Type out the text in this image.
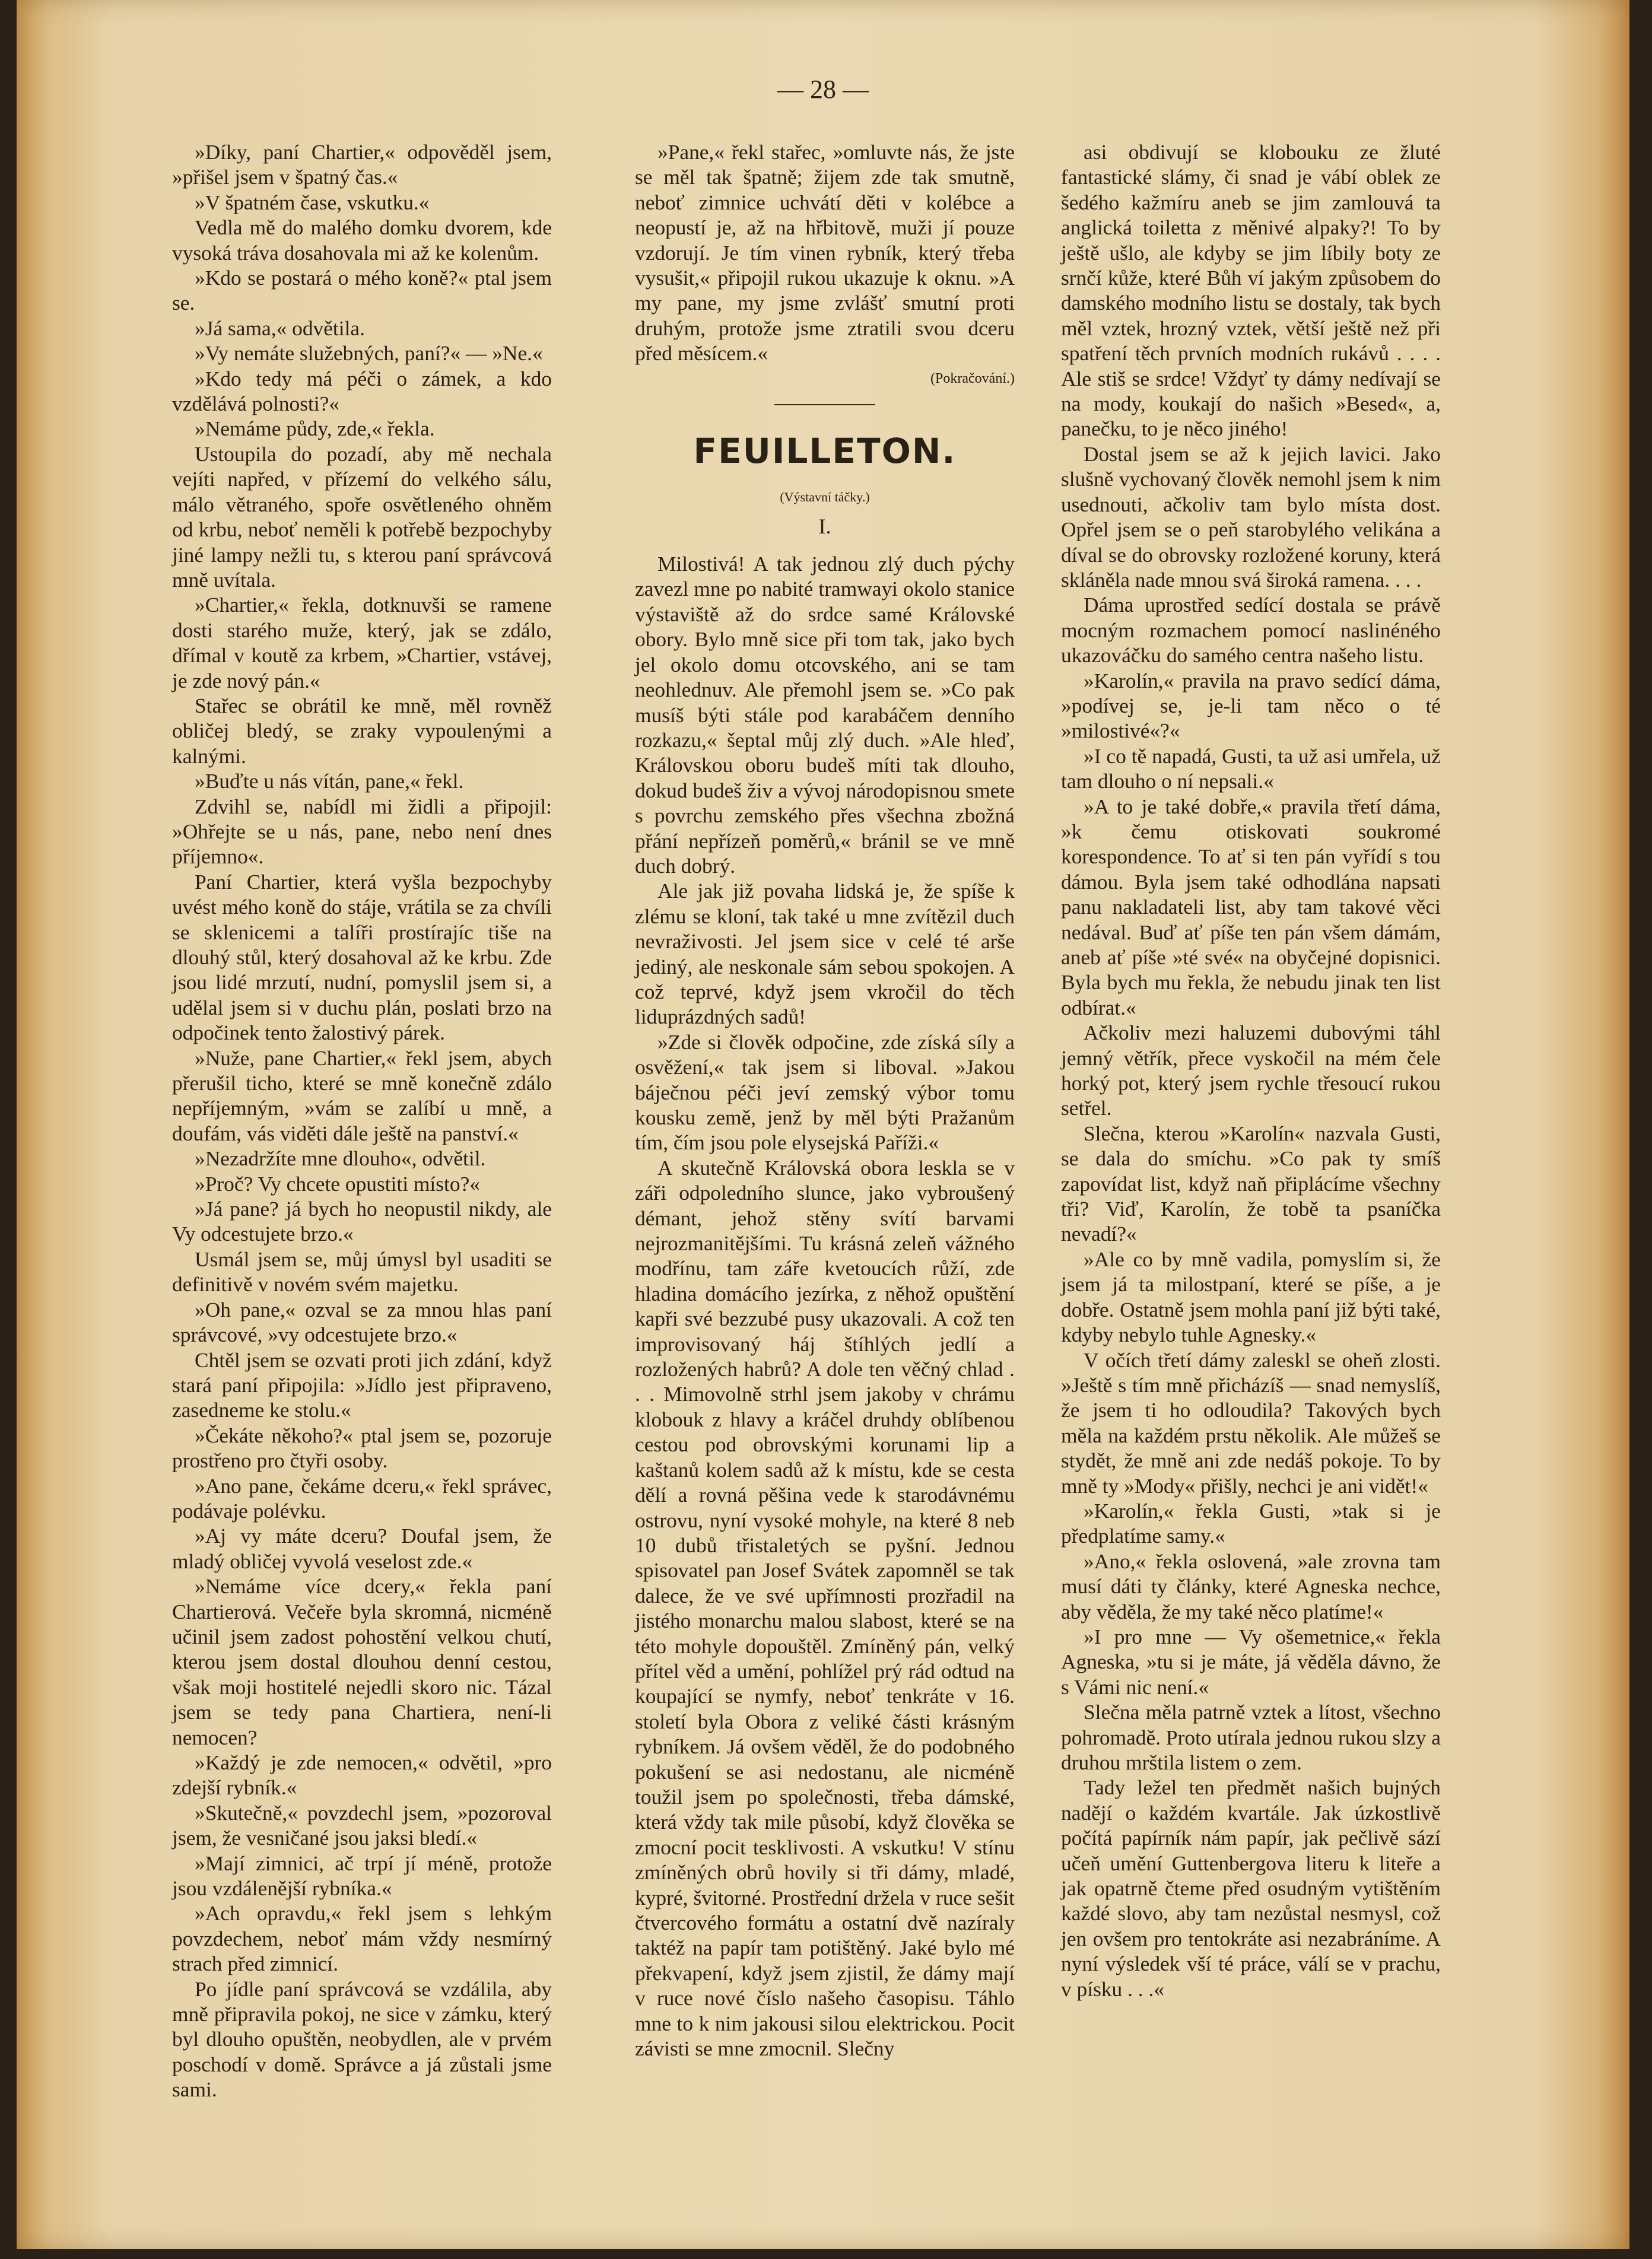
— 28 —

»Díky, paní Chartier,« odpověděl jsem, »přišel jsem v špatný čas.«

»V špatném čase, vskutku.«

Vedla mě do malého domku dvorem, kde vysoká tráva dosahovala mi až ke kolenům.

»Kdo se postará o mého koně?« ptal jsem se.

»Já sama,« odvětila.

»Vy nemáte služebných, paní?« — »Ne.«

»Kdo tedy má péči o zámek, a kdo vzdělává polnosti?«

»Nemáme půdy, zde,« řekla.

Ustoupila do pozadí, aby mě nechala vejíti napřed, v přízemí do velkého sálu, málo větraného, spoře osvětleného ohněm od krbu, neboť neměli k potřebě bezpochyby jiné lampy nežli tu, s kterou paní správcová mně uvítala.

»Chartier,« řekla, dotknuvši se ramene dosti starého muže, který, jak se zdálo, dřímal v koutě za krbem, »Chartier, vstávej, je zde nový pán.«

Stařec se obrátil ke mně, měl rovněž obličej bledý, se zraky vypoulenými a kalnými.

»Buďte u nás vítán, pane,« řekl.

Zdvihl se, nabídl mi židli a připojil: »Ohřejte se u nás, pane, nebo není dnes příjemno«.

Paní Chartier, která vyšla bezpochyby uvést mého koně do stáje, vrátila se za chvíli se sklenicemi a talíři prostírajíc tiše na dlouhý stůl, který dosahoval až ke krbu. Zde jsou lidé mrzutí, nudní, pomyslil jsem si, a udělal jsem si v duchu plán, poslati brzo na odpočinek tento žalostivý párek.

»Nuže, pane Chartier,« řekl jsem, abych přerušil ticho, které se mně konečně zdálo nepříjemným, »vám se zalíbí u mně, a doufám, vás viděti dále ještě na panství.«

»Nezadržíte mne dlouho«, odvětil.

»Proč? Vy chcete opustiti místo?«

»Já pane? já bych ho neopustil nikdy, ale Vy odcestujete brzo.«

Usmál jsem se, můj úmysl byl usaditi se definitivě v novém svém majetku.

»Oh pane,« ozval se za mnou hlas paní správcové, »vy odcestujete brzo.«

Chtěl jsem se ozvati proti jich zdání, když stará paní připojila: »Jídlo jest připraveno, zasedneme ke stolu.«

»Čekáte někoho?« ptal jsem se, pozoruje prostřeno pro čtyři osoby.

»Ano pane, čekáme dceru,« řekl správec, podávaje polévku.

»Aj vy máte dceru? Doufal jsem, že mladý obličej vyvolá veselost zde.«

»Nemáme více dcery,« řekla paní Chartierová. Večeře byla skromná, nicméně učinil jsem zadost pohostění velkou chutí, kterou jsem dostal dlouhou denní cestou, však moji hostitelé nejedli skoro nic. Tázal jsem se tedy pana Chartiera, není-li nemocen?

»Každý je zde nemocen,« odvětil, »pro zdejší rybník.«

»Skutečně,« povzdechl jsem, »pozoroval jsem, že vesničané jsou jaksi bledí.«

»Mají zimnici, ač trpí jí méně, protože jsou vzdálenější rybníka.«

»Ach opravdu,« řekl jsem s lehkým povzdechem, neboť mám vždy nesmírný strach před zimnicí.

Po jídle paní správcová se vzdálila, aby mně připravila pokoj, ne sice v zámku, který byl dlouho opuštěn, neobydlen, ale v prvém poschodí v domě. Správce a já zůstali jsme sami.

»Pane,« řekl stařec, »omluvte nás, že jste se měl tak špatně; žijem zde tak smutně, neboť zimnice uchvátí děti v kolébce a neopustí je, až na hřbitově, muži jí pouze vzdorují. Je tím vinen rybník, který třeba vysušit,« připojil rukou ukazuje k oknu. »A my pane, my jsme zvlášť smutní proti druhým, protože jsme ztratili svou dceru před měsícem.«

(Pokračování.)
FEUILLETON.
(Výstavní táčky.)
I.

Milostivá! A tak jednou zlý duch pýchy zavezl mne po nabité tramwayi okolo stanice výstaviště až do srdce samé Královské obory. Bylo mně sice při tom tak, jako bych jel okolo domu otcovského, ani se tam neohlednuv. Ale přemohl jsem se. »Co pak musíš býti stále pod karabáčem denního rozkazu,« šeptal můj zlý duch. »Ale hleď, Královskou oboru budeš míti tak dlouho, dokud budeš živ a vývoj národopisnou smete s povrchu zemského přes všechna zbožná přání nepřízeň poměrů,« bránil se ve mně duch dobrý.

Ale jak již povaha lidská je, že spíše k zlému se kloní, tak také u mne zvítězil duch nevraživosti. Jel jsem sice v celé té arše jediný, ale neskonale sám sebou spokojen. A což teprvé, když jsem vkročil do těch liduprázdných sadů!

»Zde si člověk odpočine, zde získá síly a osvěžení,« tak jsem si liboval. »Jakou báječnou péči jeví zemský výbor tomu kousku země, jenž by měl býti Pražanům tím, čím jsou pole elysejská Paříži.«

A skutečně Královská obora leskla se v záři odpoledního slunce, jako vybroušený démant, jehož stěny svítí barvami nejrozmanitějšími. Tu krásná zeleň vážného modřínu, tam záře kvetoucích růží, zde hladina domácího jezírka, z něhož opuštění kapři své bezzubé pusy ukazovali. A což ten improvisovaný háj štíhlých jedlí a rozložených habrů? A dole ten věčný chlad . . . Mimovolně strhl jsem jakoby v chrámu klobouk z hlavy a kráčel druhdy oblíbenou cestou pod obrovskými korunami lip a kaštanů kolem sadů až k místu, kde se cesta dělí a rovná pěšina vede k starodávnému ostrovu, nyní vysoké mohyle, na které 8 neb 10 dubů třistaletých se pyšní. Jednou spisovatel pan Josef Svátek zapomněl se tak dalece, že ve své upřímnosti prozřadil na jistého monarchu malou slabost, které se na této mohyle dopouštěl. Zmíněný pán, velký přítel věd a umění, pohlížel prý rád odtud na koupající se nymfy, neboť tenkráte v 16. století byla Obora z veliké části krásným rybníkem. Já ovšem věděl, že do podobného pokušení se asi nedostanu, ale nicméně toužil jsem po společnosti, třeba dámské, která vždy tak mile působí, když člověka se zmocní pocit tesklivosti. A vskutku! V stínu zmíněných obrů hovily si tři dámy, mladé, kypré, švitorné. Prostřední držela v ruce sešit čtvercového formátu a ostatní dvě nazíraly taktéž na papír tam potištěný. Jaké bylo mé překvapení, když jsem zjistil, že dámy mají v ruce nové číslo našeho časopisu. Táhlo mne to k nim jakousi silou elektrickou. Pocit závisti se mne zmocnil. Slečny

asi obdivují se klobouku ze žluté fantastické slámy, či snad je vábí oblek ze šedého kažmíru aneb se jim zamlouvá ta anglická toiletta z měnivé alpaky?! To by ještě ušlo, ale kdyby se jim líbily boty ze srnčí kůže, které Bůh ví jakým způsobem do damského modního listu se dostaly, tak bych měl vztek, hrozný vztek, větší ještě než při spatření těch prvních modních rukávů . . . . Ale stiš se srdce! Vždyť ty dámy nedívají se na mody, koukají do našich »Besed«, a, panečku, to je něco jiného!

Dostal jsem se až k jejich lavici. Jako slušně vychovaný člověk nemohl jsem k nim usednouti, ačkoliv tam bylo místa dost. Opřel jsem se o peň starobylého velikána a díval se do obrovsky rozložené koruny, která skláněla nade mnou svá široká ramena. . . .

Dáma uprostřed sedící dostala se právě mocným rozmachem pomocí naslinéného ukazováčku do samého centra našeho listu.

»Karolín,« pravila na pravo sedící dáma, »podívej se, je-li tam něco o té »milostivé«?«

»I co tě napadá, Gusti, ta už asi umřela, už tam dlouho o ní nepsali.«

»A to je také dobře,« pravila třetí dáma, »k čemu otiskovati soukromé korespondence. To ať si ten pán vyřídí s tou dámou. Byla jsem také odhodlána napsati panu nakladateli list, aby tam takové věci nedával. Buď ať píše ten pán všem dámám, aneb ať píše »té své« na obyčejné dopisnici. Byla bych mu řekla, že nebudu jinak ten list odbírat.«

Ačkoliv mezi haluzemi dubovými táhl jemný větřík, přece vyskočil na mém čele horký pot, který jsem rychle třesoucí rukou setřel.

Slečna, kterou »Karolín« nazvala Gusti, se dala do smíchu. »Co pak ty smíš zapovídat list, když naň připlácíme všechny tři? Viď, Karolín, že tobě ta psaníčka nevadí?«

»Ale co by mně vadila, pomyslím si, že jsem já ta milostpaní, které se píše, a je dobře. Ostatně jsem mohla paní již býti také, kdyby nebylo tuhle Agnesky.«

V očích třetí dámy zaleskl se oheň zlosti. »Ještě s tím mně přicházíš — snad nemyslíš, že jsem ti ho odloudila? Takových bych měla na každém prstu několik. Ale můžeš se stydět, že mně ani zde nedáš pokoje. To by mně ty »Mody« přišly, nechci je ani vidět!«

»Karolín,« řekla Gusti, »tak si je předplatíme samy.«

»Ano,« řekla oslovená, »ale zrovna tam musí dáti ty články, které Agneska nechce, aby věděla, že my také něco platíme!«

»I pro mne — Vy ošemetnice,« řekla Agneska, »tu si je máte, já věděla dávno, že s Vámi nic není.«

Slečna měla patrně vztek a lítost, všechno pohromadě. Proto utírala jednou rukou slzy a druhou mrštila listem o zem.

Tady ležel ten předmět našich bujných nadějí o každém kvartále. Jak úzkostlivě počítá papírník nám papír, jak pečlivě sází učeň umění Guttenbergova literu k liteře a jak opatrně čteme před osudným vytištěním každé slovo, aby tam nezůstal nesmysl, což jen ovšem pro tentokráte asi nezabráníme. A nyní výsledek vší té práce, válí se v prachu, v písku . . .«
